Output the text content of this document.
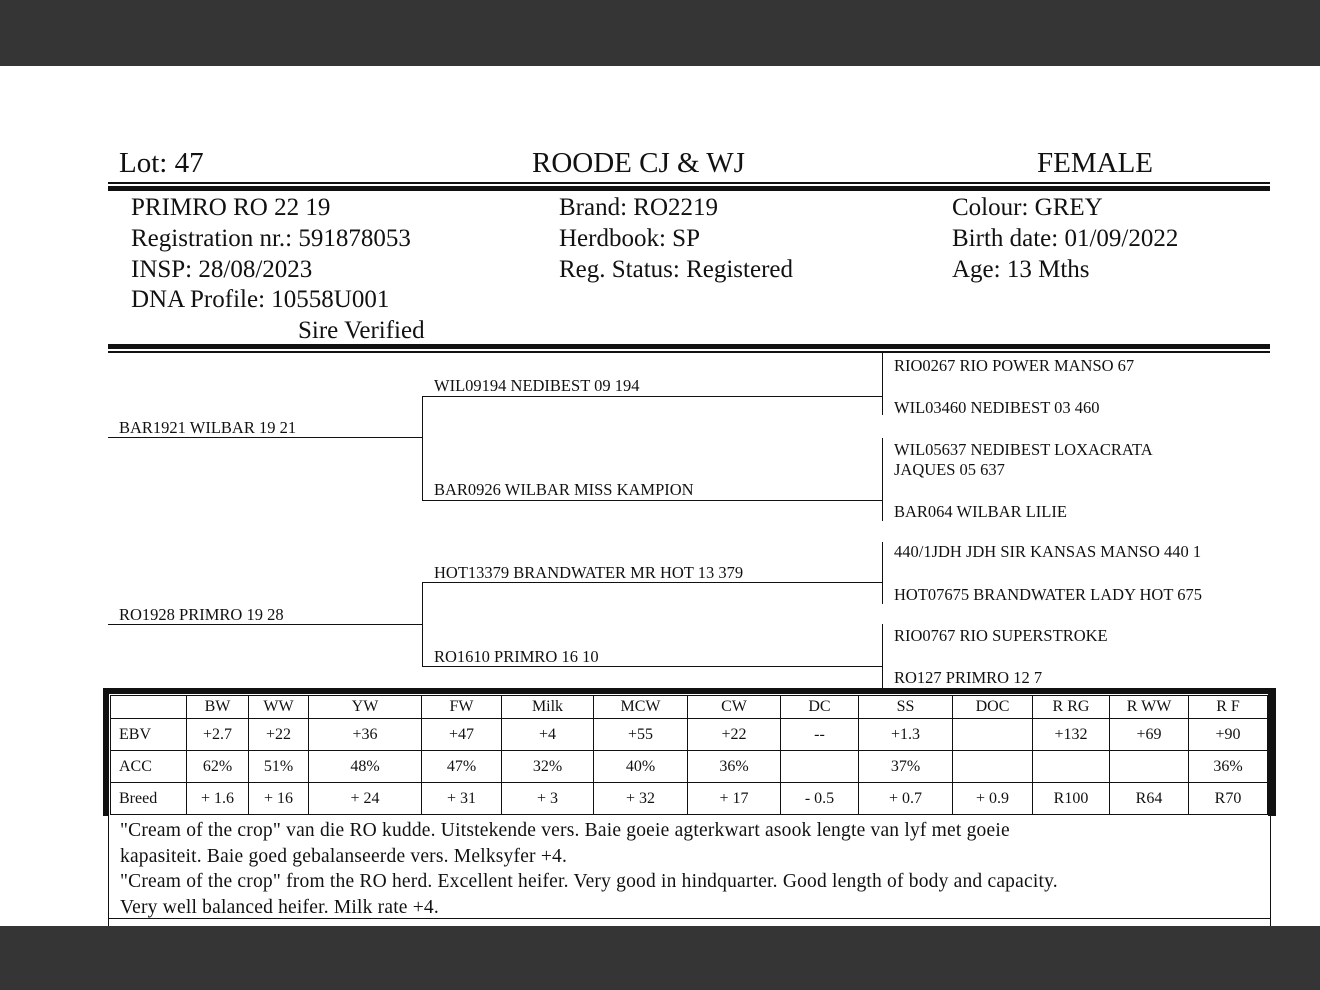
Lot: 47	ROODE CJ & WJ	FEMALE
PRIMRO RO 22 19
Registration nr.: 591878053
INSP: 28/08/2023
DNA Profile: 10558U001
Sire Verified
Brand: RO2219
Herdbook: SP
Reg. Status: Registered
Colour: GREY
Birth date: 01/09/2022
Age: 13 Mths
BAR1921 WILBAR 19 21
RO1928 PRIMRO 19 28
WIL09194 NEDIBEST 09 194
BAR0926 WILBAR MISS KAMPION
HOT13379 BRANDWATER MR HOT 13 379
RO1610 PRIMRO 16 10
RIO0267 RIO POWER MANSO 67
WIL03460 NEDIBEST 03 460
WIL05637 NEDIBEST LOXACRATA
JAQUES 05 637
BAR064 WILBAR LILIE
440/1JDH JDH SIR KANSAS MANSO 440 1
HOT07675 BRANDWATER LADY HOT 675
RIO0767 RIO SUPERSTROKE
RO127 PRIMRO 12 7
	BW	WW	YW	FW	Milk	MCW	CW	DC	SS	DOC	R RG	R WW	R F
EBV	+2.7	+22	+36	+47	+4	+55	+22	--	+1.3		+132	+69	+90
ACC	62%	51%	48%	47%	32%	40%	36%		37%				36%
Breed	+ 1.6	+ 16	+ 24	+ 31	+ 3	+ 32	+ 17	- 0.5	+ 0.7	+ 0.9	R100	R64	R70
"Cream of the crop" van die RO kudde. Uitstekende vers. Baie goeie agterkwart asook lengte van lyf met goeie
kapasiteit. Baie goed gebalanseerde vers. Melksyfer +4.
"Cream of the crop" from the RO herd. Excellent heifer. Very good in hindquarter. Good length of body and capacity.
Very well balanced heifer. Milk rate +4.
